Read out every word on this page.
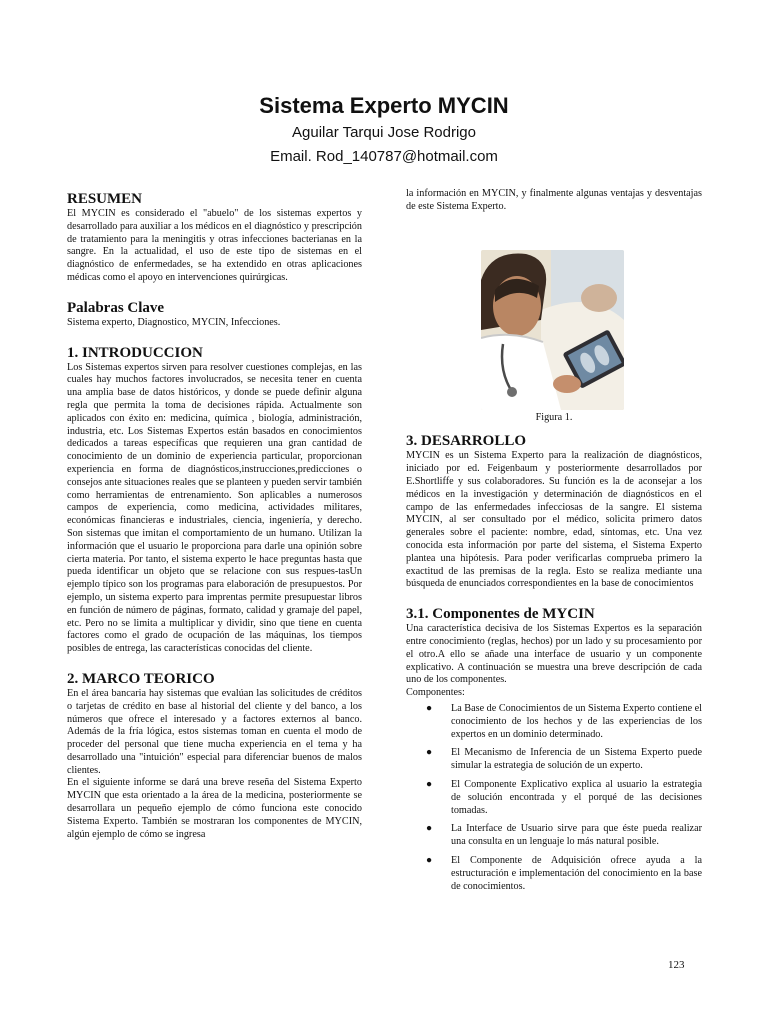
Sistema Experto MYCIN
Aguilar Tarqui Jose Rodrigo
Email. Rod_140787@hotmail.com
RESUMEN

El MYCIN es considerado el "abuelo" de los sistemas expertos y desarrollado para auxiliar a los médicos en el diagnóstico y prescripción de tratamiento para la meningitis y otras infecciones bacterianas en la sangre. En la actualidad, el uso de este tipo de sistemas en el diagnóstico de enfermedades, se ha extendido en otras aplicaciones médicas como el apoyo en intervenciones quirúrgicas.

Palabras Clave

Sistema experto, Diagnostico, MYCIN, Infecciones.

1. INTRODUCCION

Los Sistemas expertos sirven para resolver cuestiones complejas, en las cuales hay muchos factores involucrados, se necesita tener en cuenta una amplia base de datos históricos, y donde se puede definir alguna regla que permita la toma de decisiones rápida. Actualmente son aplicados con éxito en: medicina, química , biología, administración, industria, etc. Los Sistemas Expertos están basados en conocimientos dedicados a tareas específicas que requieren una gran cantidad de conocimiento de un dominio de experiencia particular, proporcionan experiencia en forma de diagnósticos,instrucciones,predicciones o consejos ante situaciones reales que se planteen y pueden servir también como herramientas de entrenamiento. Son aplicables a numerosos campos de experiencia, como medicina, actividades militares, económicas financieras e industriales, ciencia, ingeniería, y derecho. Son sistemas que imitan el comportamiento de un humano. Utilizan la información que el usuario le proporciona para darle una opinión sobre cierta materia. Por tanto, el sistema experto le hace preguntas hasta que pueda identificar un objeto que se relacione con sus respues-tasUn ejemplo típico son los programas para elaboración de presupuestos. Por ejemplo, un sistema experto para imprentas permite presupuestar libros en función de número de páginas, formato, calidad y gramaje del papel, etc. Pero no se limita a multiplicar y dividir, sino que tiene en cuenta factores como el grado de ocupación de las máquinas, los tiempos posibles de entrega, las características conocidas del cliente.

2. MARCO TEORICO

En el área bancaria hay sistemas que evalúan las solicitudes de créditos o tarjetas de crédito en base al historial del cliente y del banco, a los números que ofrece el interesado y a factores externos al banco. Además de la fría lógica, estos sistemas toman en cuenta el modo de proceder del personal que tiene mucha experiencia en el tema y ha desarrollado una "intuición" especial para diferenciar buenos de malos clientes.

En el siguiente informe se dará una breve reseña del Sistema Experto MYCIN que esta orientado a la área de la medicina, posteriormente se desarrollara un pequeño ejemplo de cómo funciona este conocido Sistema Experto. También se mostraran los componentes de MYCIN, algún ejemplo de cómo se ingresa

la información en MYCIN, y finalmente algunas ventajas y desventajas de este Sistema Experto.

Figura 1.
3. DESARROLLO

MYCIN es un Sistema Experto para la realización de diagnósticos, iniciado por ed. Feigenbaum y posteriormente desarrollados por E.Shortliffe y sus colaboradores. Su función es la de aconsejar a los médicos en la investigación y determinación de diagnósticos en el campo de las enfermedades infecciosas de la sangre. El sistema MYCIN, al ser consultado por el médico, solicita primero datos generales sobre el paciente: nombre, edad, síntomas, etc. Una vez conocida esta información por parte del sistema, el Sistema Experto plantea una hipótesis. Para poder verificarlas comprueba primero la exactitud de las premisas de la regla. Esto se realiza mediante una búsqueda de enunciados correspondientes en la base de conocimientos

3.1. Componentes de MYCIN

Una característica decisiva de los Sistemas Expertos es la separación entre conocimiento (reglas, hechos) por un lado y su procesamiento por el otro.A ello se añade una interface de usuario y un componente explicativo. A continuación se muestra una breve descripción de cada uno de los componentes.

Componentes:

● La Base de Conocimientos de un Sistema Experto contiene el conocimiento de los hechos y de las experiencias de los expertos en un dominio determinado.
● El Mecanismo de Inferencia de un Sistema Experto puede simular la estrategia de solución de un experto.
● El Componente Explicativo explica al usuario la estrategia de solución encontrada y el porqué de las decisiones tomadas.
● La Interface de Usuario sirve para que éste pueda realizar una consulta en un lenguaje lo más natural posible.
● El Componente de Adquisición ofrece ayuda a la estructuración e implementación del conocimiento en la base de conocimientos.
123
